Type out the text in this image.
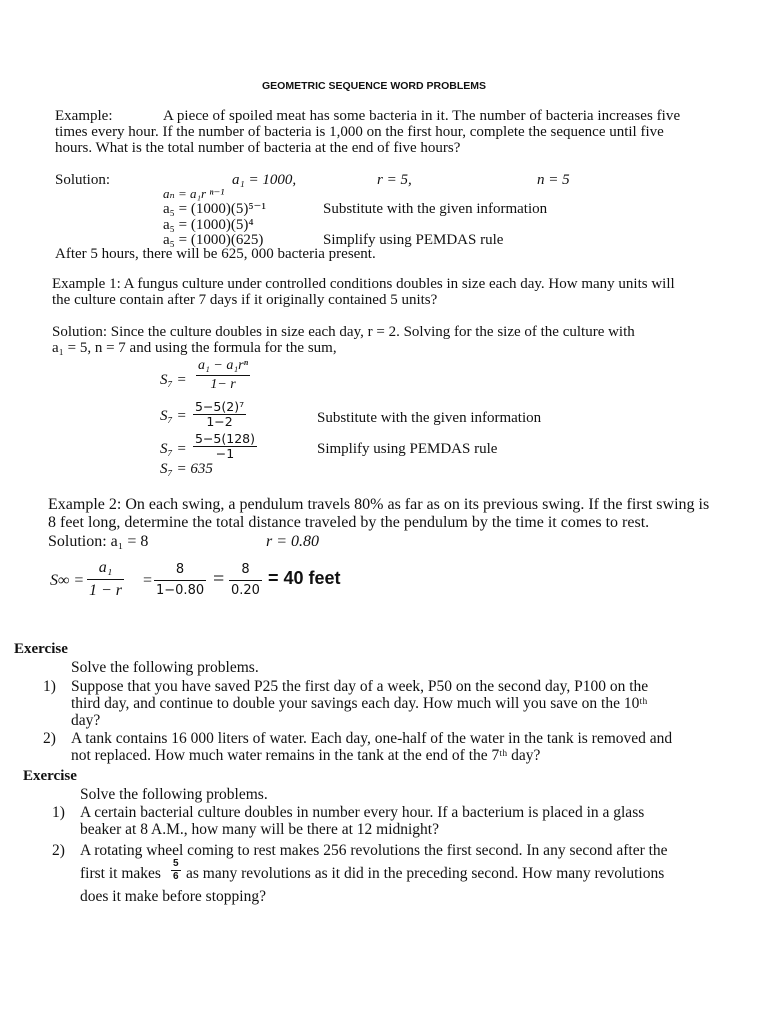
GEOMETRIC SEQUENCE WORD PROBLEMS
Example:	A piece of spoiled meat has some bacteria in it. The number of bacteria increases five
times every hour. If the number of bacteria is 1,000 on the first hour, complete the sequence until five
hours. What is the total number of bacteria at the end of five hours?
Solution:	a₁ = 1000,	r = 5,	n = 5
aₙ = a₁r ⁿ⁻¹
a₅ = (1000)(5)⁵⁻¹	Substitute with the given information
a₅ = (1000)(5)⁴
a₅ = (1000)(625)	Simplify using PEMDAS rule
After 5 hours, there will be 625, 000 bacteria present.
Example 1: A fungus culture under controlled conditions doubles in size each day. How many units will
the culture contain after 7 days if it originally contained 5 units?
Solution: Since the culture doubles in size each day, r = 2. Solving for the size of the culture with
a₁ = 5, n = 7 and using the formula for the sum,
$S_7 = \frac{\text{a₁ − a₁rⁿ}}{1- r}$
$S_7 = \frac{\text{5−5(2)⁷}}{1-2}$	Substitute with the given information
$S_7 = \frac{5-5(128)}{-1}$	Simplify using PEMDAS rule
S₇ = 635
Example 2: On each swing, a pendulum travels 80% as far as on its previous swing. If the first swing is
8 feet long, determine the total distance traveled by the pendulum by the time it comes to rest.
Solution: a₁ = 8	r = 0.80
$S\infty = \frac{\text{a₁}}{1 - r} = \frac{8}{1-0.80} = \frac{8}{0.20} = 40$ feet
Exercise
Solve the following problems.
1) Suppose that you have saved P25 the first day of a week, P50 on the second day, P100 on the
third day, and continue to double your savings each day. How much will you save on the 10ᵗʰ
day?
2) A tank contains 16 000 liters of water. Each day, one-half of the water in the tank is removed and
not replaced. How much water remains in the tank at the end of the 7ᵗʰ day?
Exercise
Solve the following problems.
1) A certain bacterial culture doubles in number every hour. If a bacterium is placed in a glass
beaker at 8 A.M., how many will be there at 12 midnight?
2) A rotating wheel coming to rest makes 256 revolutions the first second. In any second after the
first it makes $\frac{5}{6}$ as many revolutions as it did in the preceding second. How many revolutions
does it make before stopping?
